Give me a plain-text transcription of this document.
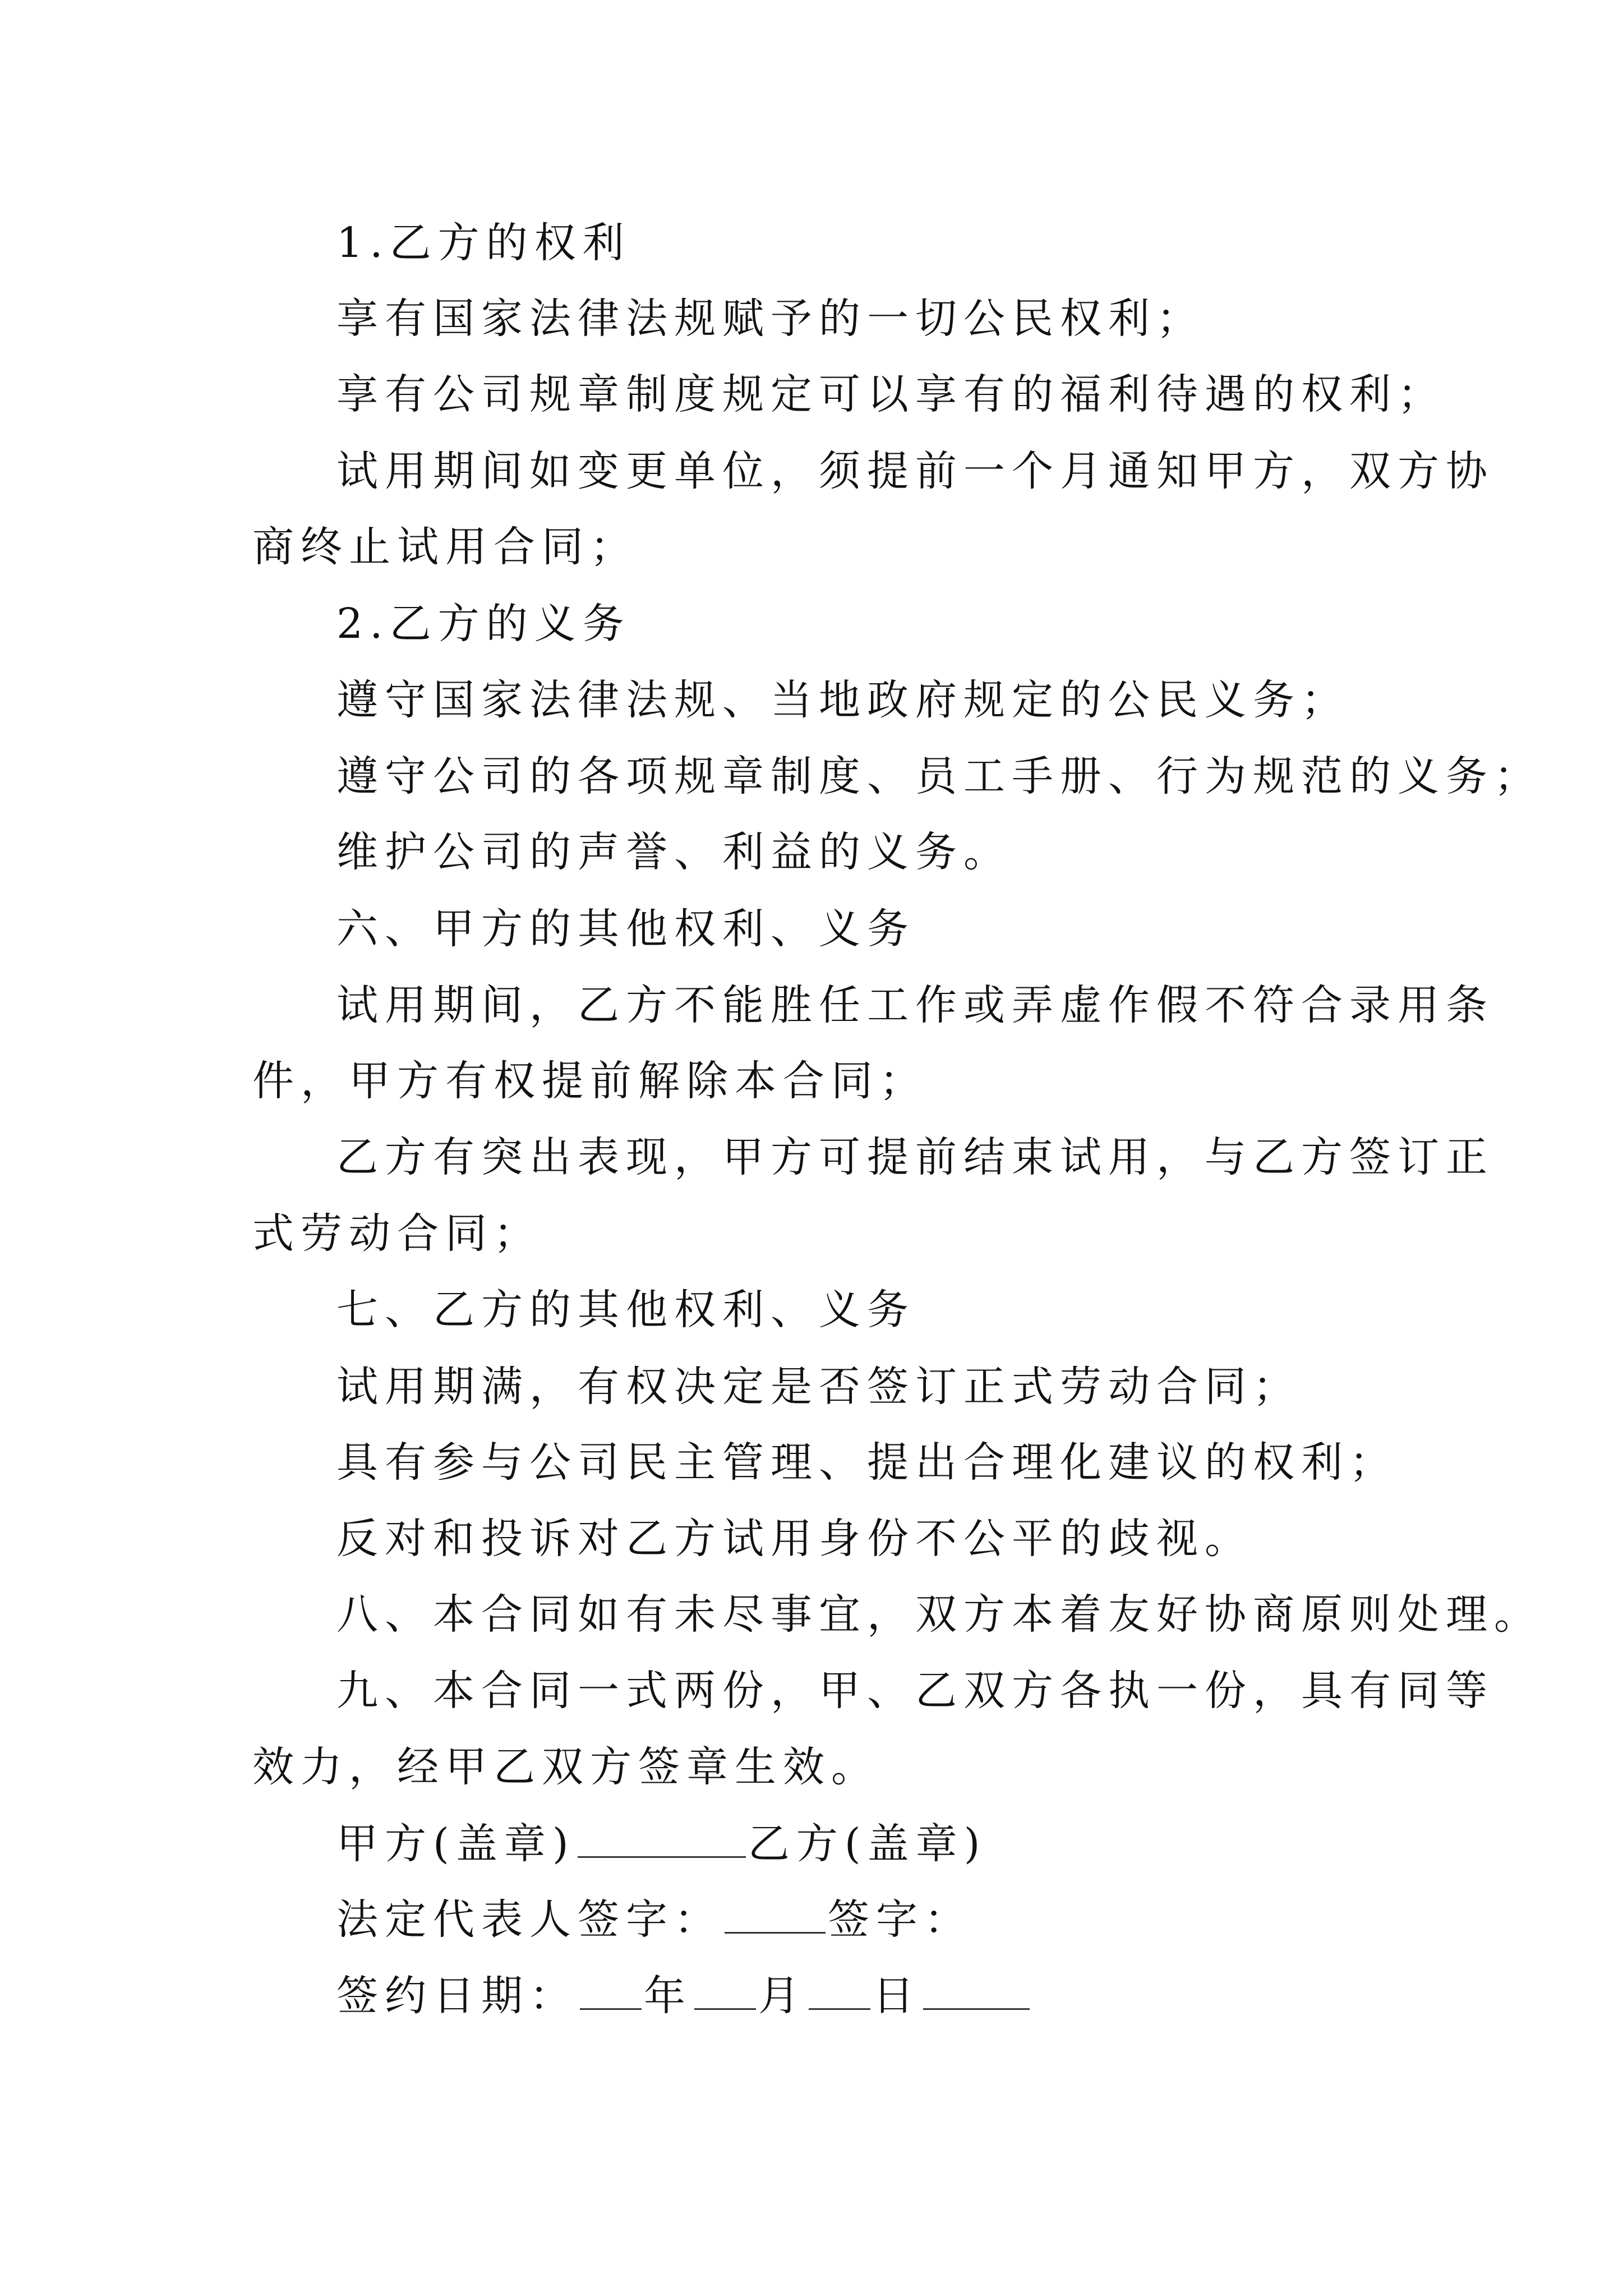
1.乙方的权利

享有国家法律法规赋予的一切公民权利；

享有公司规章制度规定可以享有的福利待遇的权利；

试用期间如变更单位，须提前一个月通知甲方，双方协

商终止试用合同；

2.乙方的义务

遵守国家法律法规、当地政府规定的公民义务；

遵守公司的各项规章制度、员工手册、行为规范的义务；

维护公司的声誉、利益的义务。

六、甲方的其他权利、义务

试用期间，乙方不能胜任工作或弄虚作假不符合录用条

件，甲方有权提前解除本合同；

乙方有突出表现，甲方可提前结束试用，与乙方签订正

式劳动合同；

七、乙方的其他权利、义务

试用期满，有权决定是否签订正式劳动合同；

具有参与公司民主管理、提出合理化建议的权利；

反对和投诉对乙方试用身份不公平的歧视。

八、本合同如有未尽事宜，双方本着友好协商原则处理。

九、本合同一式两份，甲、乙双方各执一份，具有同等

效力，经甲乙双方签章生效。

甲方(盖章)	乙方(盖章)

法定代表人签字：	签字：

签约日期： 年 月 日
